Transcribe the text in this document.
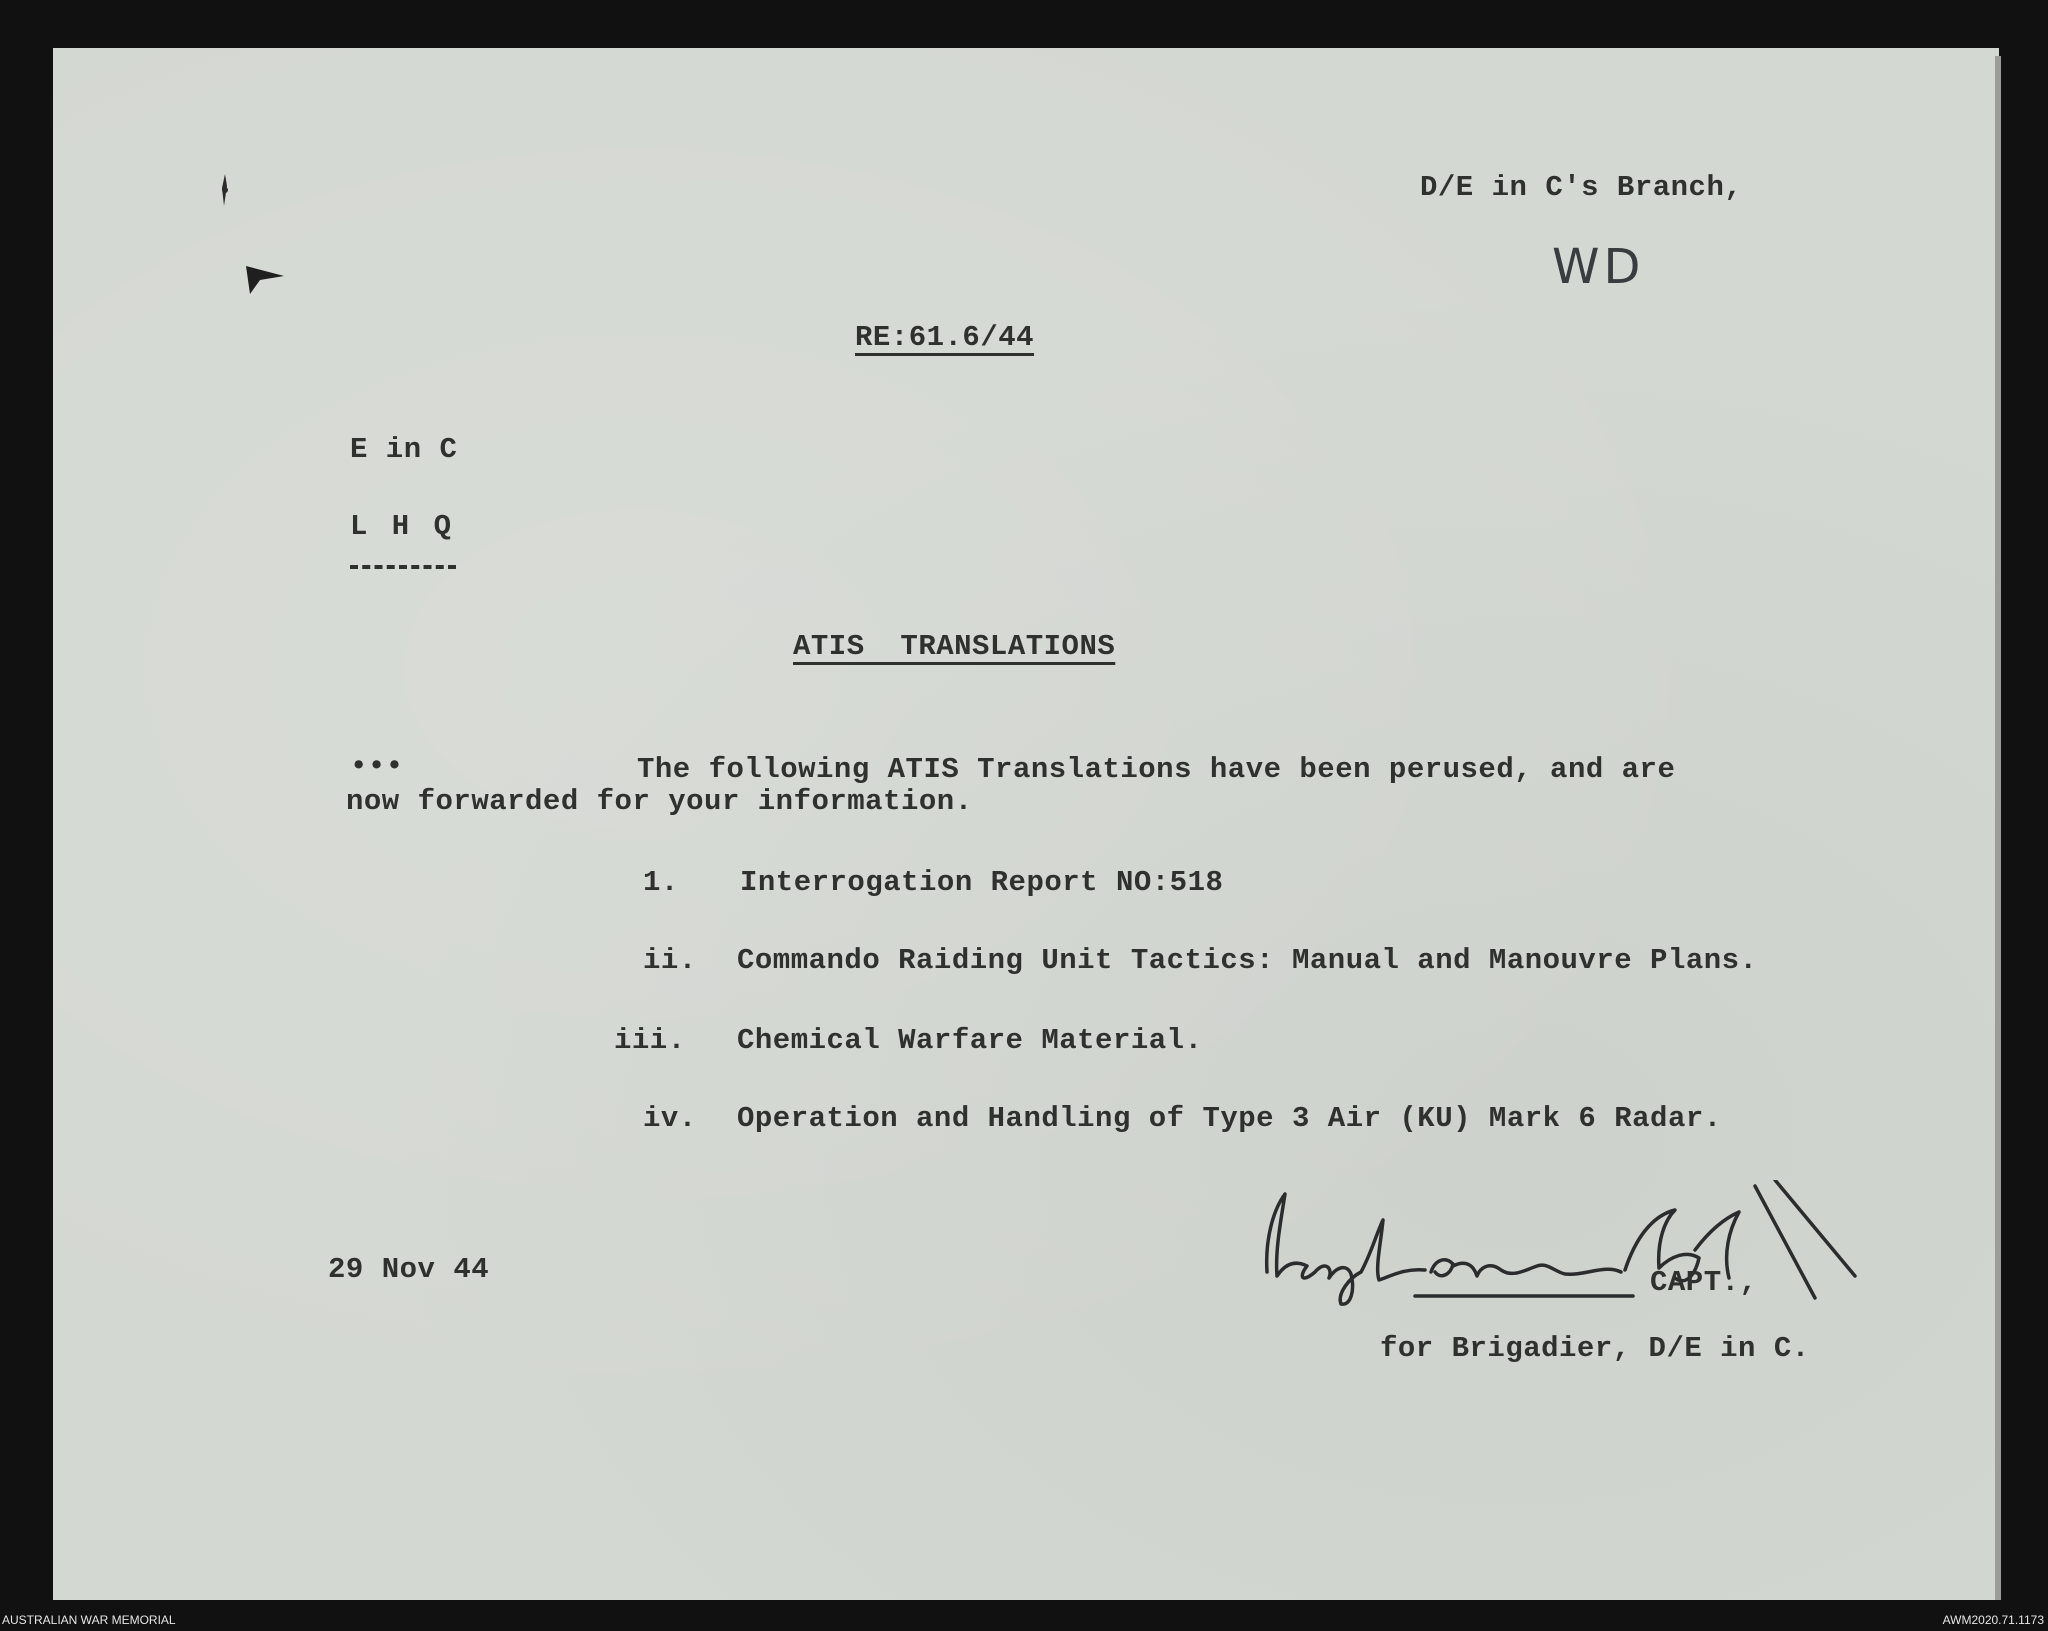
D/E in C's Branch,
WD
RE:61.6/44
E in C
L H Q
ATIS  TRANSLATIONS
•••	The following ATIS Translations have been perused, and are
now forwarded for your information.
1. Interrogation Report NO:518
ii. Commando Raiding Unit Tactics: Manual and Manouvre Plans.
iii. Chemical Warfare Material.
iv. Operation and Handling of Type 3 Air (KU) Mark 6 Radar.
29 Nov 44	CAPT.,
for Brigadier, D/E in C.
AUSTRALIAN WAR MEMORIAL	AWM2020.71.1173
